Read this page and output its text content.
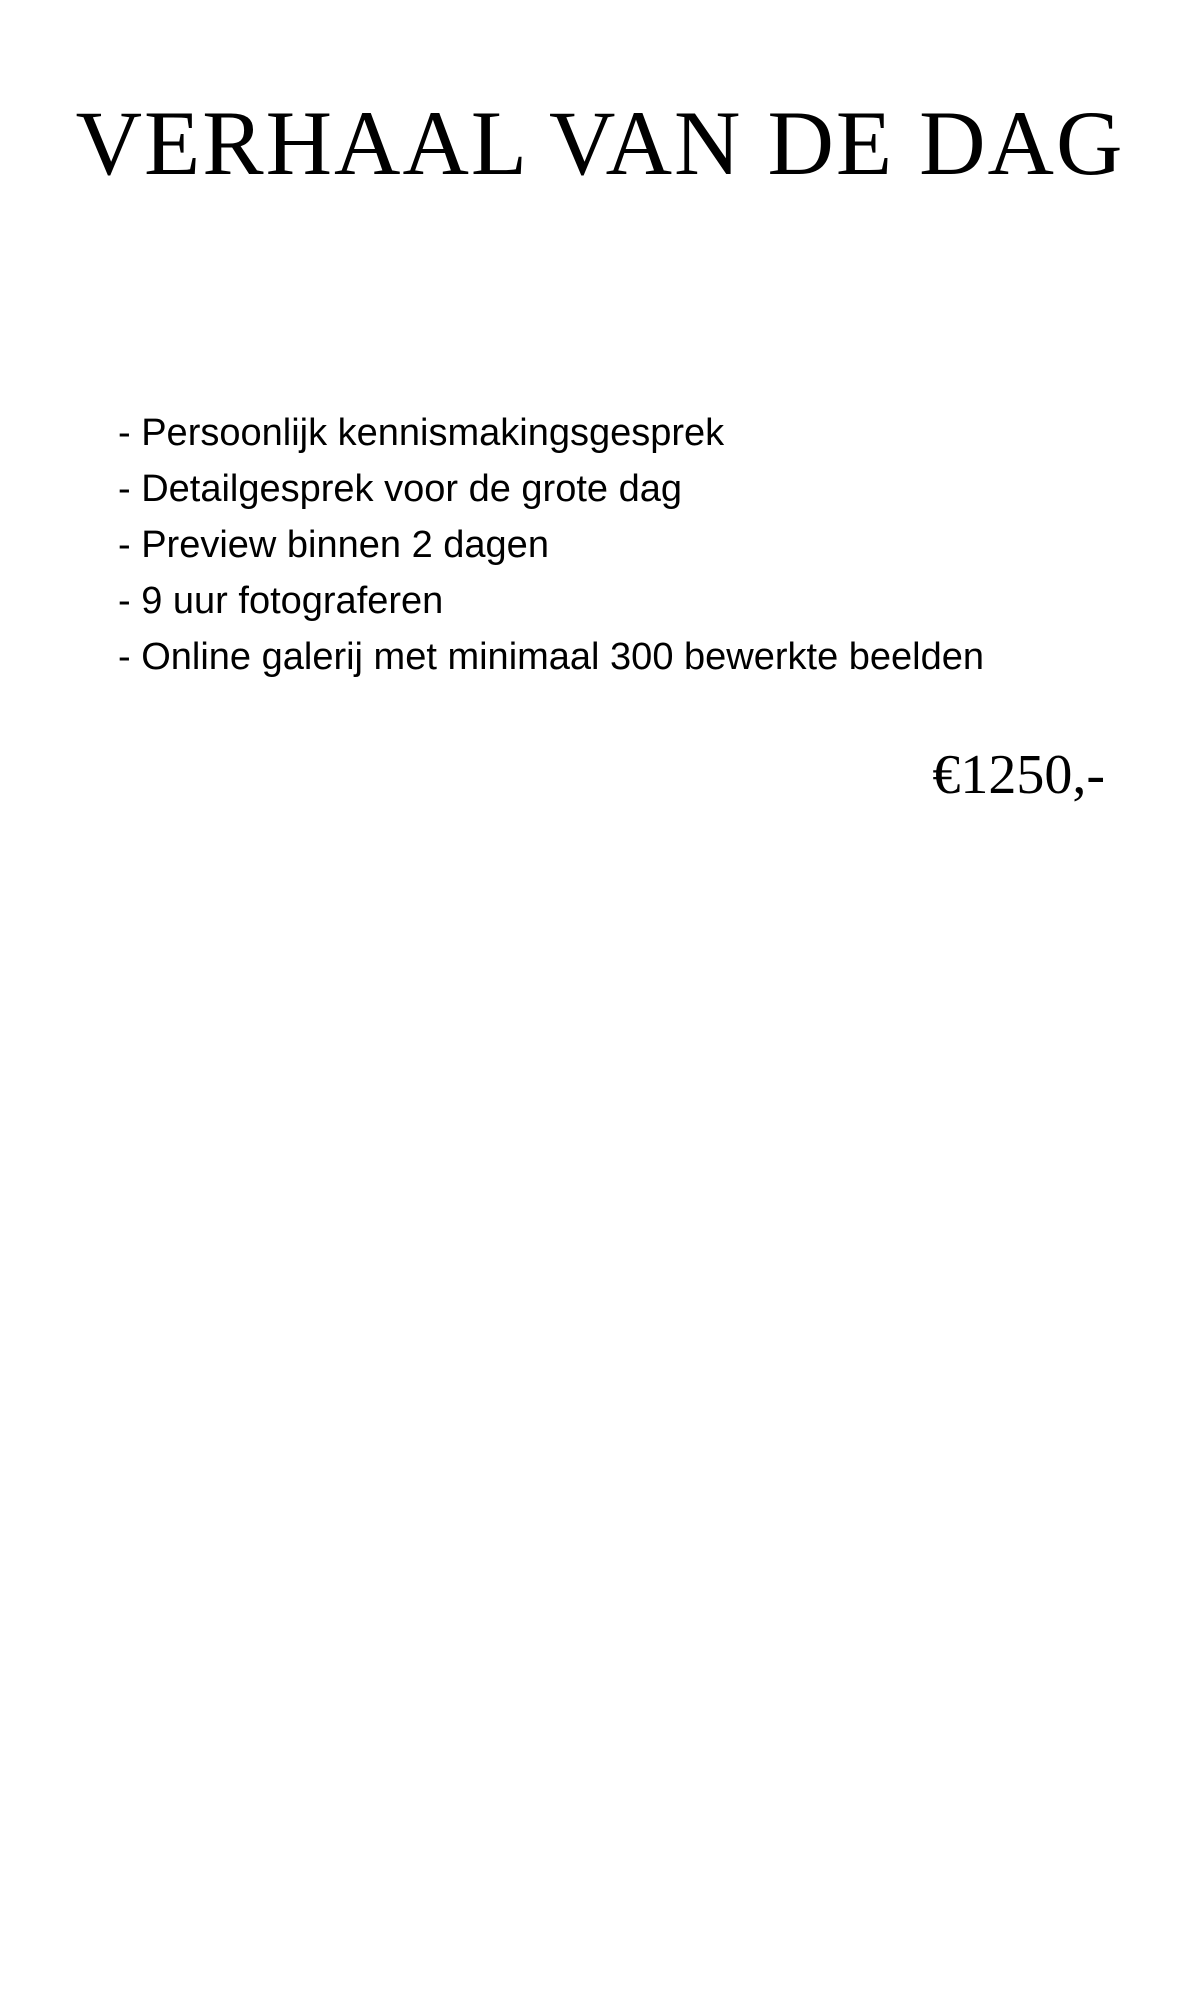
VERHAAL VAN DE DAG
- Persoonlijk kennismakingsgesprek
- Detailgesprek voor de grote dag
- Preview binnen 2 dagen
- 9 uur fotograferen
- Online galerij met minimaal 300 bewerkte beelden

€1250,-
